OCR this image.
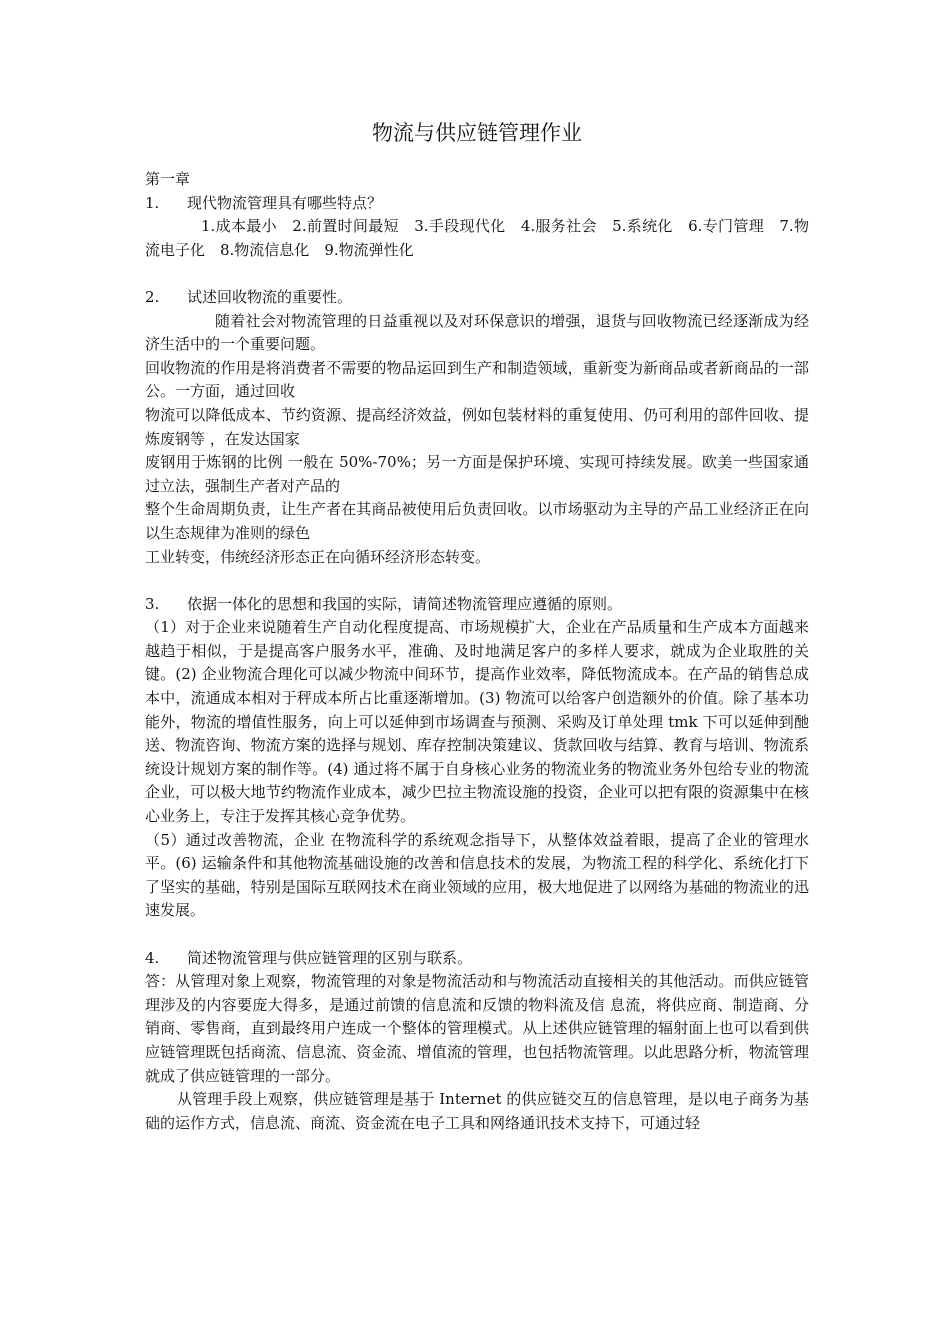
物流与供应链管理作业

第一章

1. 现代物流管理具有哪些特点？

1.成本最小　2.前置时间最短　3.手段现代化　4.服务社会　5.系统化　6.专门管理　7.物流电子化　8.物流信息化　9.物流弹性化

2. 试述回收物流的重要性。

随着社会对物流管理的日益重视以及对环保意识的增强，退货与回收物流已经逐渐成为经济生活中的一个重要问题。

回收物流的作用是将消费者不需要的物品运回到生产和制造领域，重新变为新商品或者新商品的一部公。一方面，通过回收

物流可以降低成本、节约资源、提高经济效益，例如包装材料的重复使用、仍可利用的部件回收、提炼废钢等 ，在发达国家

废钢用于炼钢的比例 一般在 50%-70%；另一方面是保护环境、实现可持续发展。欧美一些国家通过立法，强制生产者对产品的

整个生命周期负责，让生产者在其商品被使用后负责回收。以市场驱动为主导的产品工业经济正在向以生态规律为准则的绿色

工业转变，伟统经济形态正在向循环经济形态转变。

3. 依据一体化的思想和我国的实际，请简述物流管理应遵循的原则。

（1）对于企业来说随着生产自动化程度提高、市场规模扩大，企业在产品质量和生产成本方面越来越趋于相似，于是提高客户服务水平，准确、及时地满足客户的多样人要求，就成为企业取胜的关键。(2) 企业物流合理化可以减少物流中间环节，提高作业效率，降低物流成本。在产品的销售总成本中，流通成本相对于秤成本所占比重逐渐增加。(3) 物流可以给客户创造额外的价值。除了基本功能外，物流的增值性服务，向上可以延伸到市场调查与预测、采购及订单处理 tmk 下可以延伸到酏送、物流咨询、物流方案的选择与规划、库存控制决策建议、货款回收与结算、教育与培训、物流系统设计规划方案的制作等。(4) 通过将不属于自身核心业务的物流业务的物流业务外包给专业的物流企业，可以极大地节约物流作业成本，减少巴拉主物流设施的投资，企业可以把有限的资源集中在核心业务上，专注于发挥其核心竞争优势。

（5）通过改善物流，企业 在物流科学的系统观念指导下，从整体效益着眼，提高了企业的管理水平。(6) 运输条件和其他物流基础设施的改善和信息技术的发展，为物流工程的科学化、系统化打下了坚实的基础，特别是国际互联网技术在商业领域的应用，极大地促进了以网络为基础的物流业的迅速发展。

4. 简述物流管理与供应链管理的区别与联系。

答：从管理对象上观察，物流管理的对象是物流活动和与物流活动直接相关的其他活动。而供应链管理涉及的内容要庞大得多，是通过前馈的信息流和反馈的物料流及信 息流，将供应商、制造商、分销商、零售商，直到最终用户连成一个整体的管理模式。从上述供应链管理的辐射面上也可以看到供应链管理既包括商流、信息流、资金流、增值流的管理，也包括物流管理。以此思路分析，物流管理就成了供应链管理的一部分。

从管理手段上观察，供应链管理是基于 Internet 的供应链交互的信息管理，是以电子商务为基础的运作方式，信息流、商流、资金流在电子工具和网络通讯技术支持下，可通过轻
